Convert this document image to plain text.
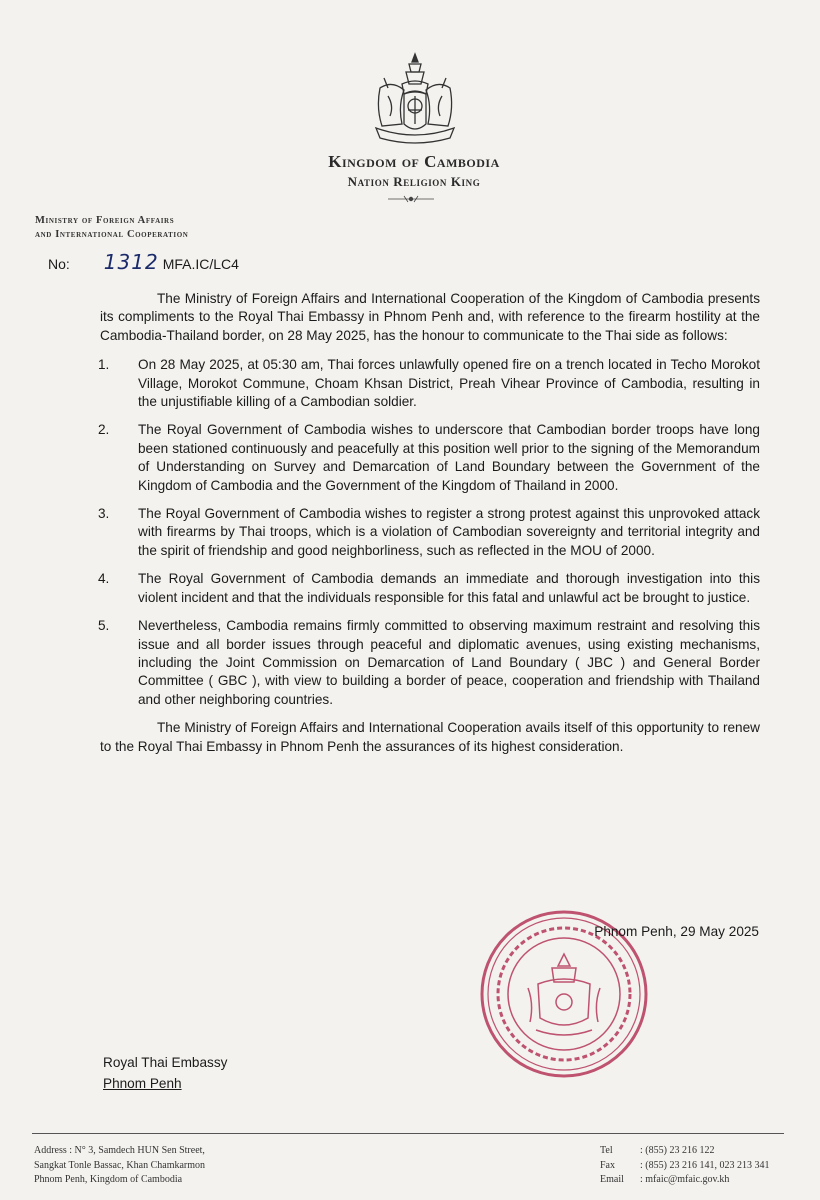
Kingdom of Cambodia
Nation Religion King
Ministry of Foreign Affairs
and International Cooperation
No: 1312 MFA.IC/LC4

The Ministry of Foreign Affairs and International Cooperation of the Kingdom of Cambodia presents its compliments to the Royal Thai Embassy in Phnom Penh and, with reference to the firearm hostility at the Cambodia-Thailand border, on 28 May 2025, has the honour to communicate to the Thai side as follows:

1. On 28 May 2025, at 05:30 am, Thai forces unlawfully opened fire on a trench located in Techo Morokot Village, Morokot Commune, Choam Khsan District, Preah Vihear Province of Cambodia, resulting in the unjustifiable killing of a Cambodian soldier.
2. The Royal Government of Cambodia wishes to underscore that Cambodian border troops have long been stationed continuously and peacefully at this position well prior to the signing of the Memorandum of Understanding on Survey and Demarcation of Land Boundary between the Government of the Kingdom of Cambodia and the Government of the Kingdom of Thailand in 2000.
3. The Royal Government of Cambodia wishes to register a strong protest against this unprovoked attack with firearms by Thai troops, which is a violation of Cambodian sovereignty and territorial integrity and the spirit of friendship and good neighborliness, such as reflected in the MOU of 2000.
4. The Royal Government of Cambodia demands an immediate and thorough investigation into this violent incident and that the individuals responsible for this fatal and unlawful act be brought to justice.
5. Nevertheless, Cambodia remains firmly committed to observing maximum restraint and resolving this issue and all border issues through peaceful and diplomatic avenues, using existing mechanisms, including the Joint Commission on Demarcation of Land Boundary ( JBC ) and General Border Committee ( GBC ), with view to building a border of peace, cooperation and friendship with Thailand and other neighboring countries.

The Ministry of Foreign Affairs and International Cooperation avails itself of this opportunity to renew to the Royal Thai Embassy in Phnom Penh the assurances of its highest consideration.

Phnom Penh, 29 May 2025
Royal Thai Embassy
Phnom Penh
Address : N° 3, Samdech HUN Sen Street,
Sangkat Tonle Bassac, Khan Chamkarmon
Phnom Penh, Kingdom of Cambodia
Tel	: (855) 23 216 122
Fax	: (855) 23 216 141, 023 213 341
Email	: mfaic@mfaic.gov.kh
